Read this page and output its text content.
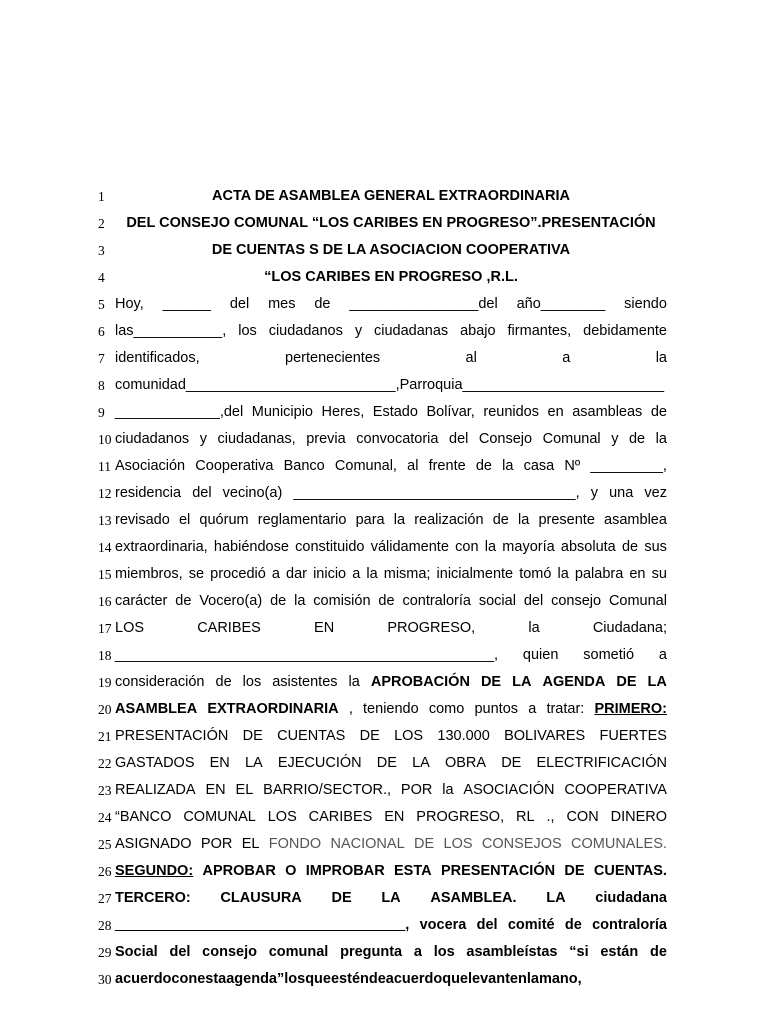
1	ACTA DE ASAMBLEA GENERAL EXTRAORDINARIA
2	DEL CONSEJO COMUNAL “LOS CARIBES EN PROGRESO”.PRESENTACIÓN
3	DE CUENTAS S DE LA ASOCIACION COOPERATIVA
4	“LOS CARIBES EN PROGRESO ,R.L.
5 Hoy, ______ del mes de ________________del año________ siendo
6 las___________, los ciudadanos y ciudadanas abajo firmantes, debidamente
7 identificados,	pertenecientes	al	a	la
8 comunidad__________________________,Parroquia_________________________
9 _____________,del Municipio Heres, Estado Bolívar, reunidos en asambleas de
10 ciudadanos y ciudadanas, previa convocatoria del Consejo Comunal y de la
11 Asociación Cooperativa Banco Comunal, al frente de la casa Nº _________,
12 residencia del vecino(a) ___________________________________, y una vez
13 revisado el quórum reglamentario para la realización de la presente asamblea
14 extraordinaria, habiéndose constituido válidamente con la mayoría absoluta de sus
15 miembros, se procedió a dar inicio a la misma; inicialmente tomó la palabra en su
16 carácter de Vocero(a) de la comisión de contraloría social del consejo Comunal
17 LOS	CARIBES	EN	PROGRESO,	la	Ciudadana;
18 _______________________________________________, quien sometió a
19 consideración de los asistentes la APROBACIÓN DE LA AGENDA DE LA
20 ASAMBLEA EXTRAORDINARIA , teniendo como puntos a tratar: PRIMERO:
21 PRESENTACIÓN DE CUENTAS DE LOS 130.000 BOLIVARES FUERTES
22 GASTADOS EN LA EJECUCIÓN DE LA OBRA DE ELECTRIFICACIÓN
23 REALIZADA EN EL BARRIO/SECTOR., POR la ASOCIACIÓN COOPERATIVA
24 “BANCO COMUNAL LOS CARIBES EN PROGRESO, RL ., CON DINERO
25 ASIGNADO POR EL FONDO NACIONAL DE LOS CONSEJOS COMUNALES.
26 SEGUNDO: APROBAR O IMPROBAR ESTA PRESENTACIÓN DE CUENTAS.
27 TERCERO: CLAUSURA DE LA ASAMBLEA. LA ciudadana
28 ____________________________________, vocera del comité de contraloría
29 Social del consejo comunal pregunta a los asambleístas “si están de
30 acuerdo con esta agenda” los que estén de acuerdo que levanten la mano,
